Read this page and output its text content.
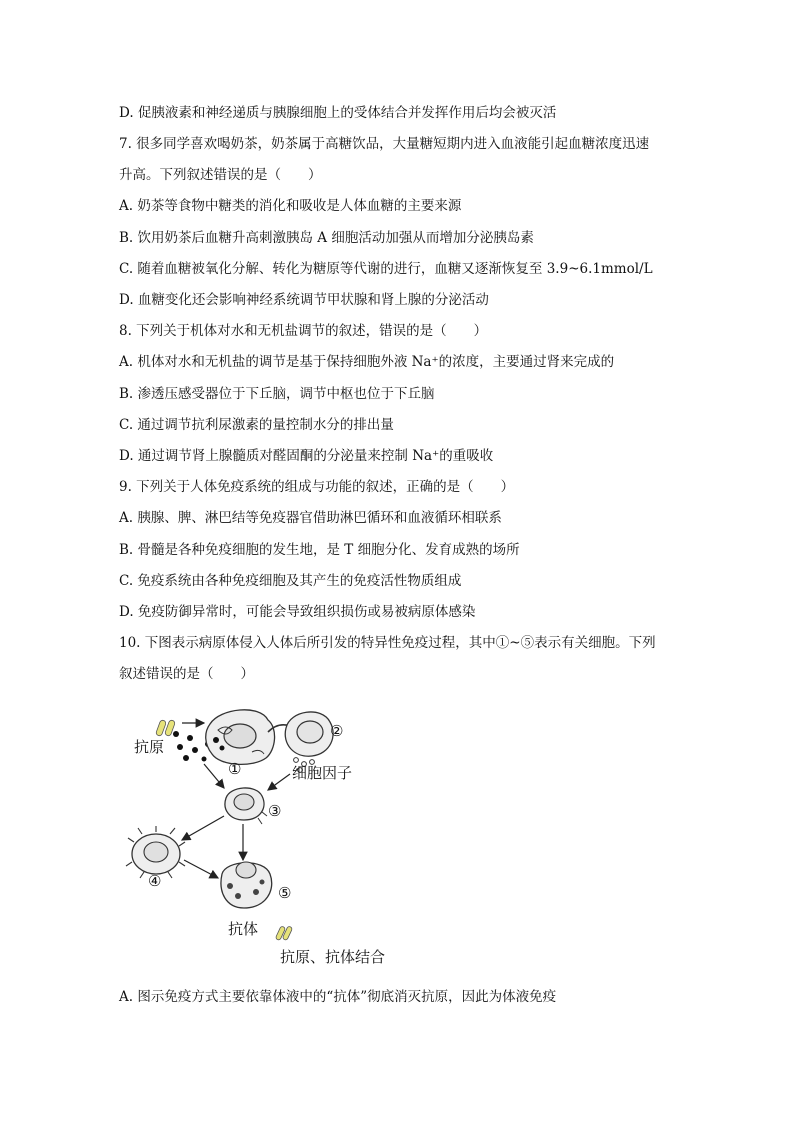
D. 促胰液素和神经递质与胰腺细胞上的受体结合并发挥作用后均会被灭活
7. 很多同学喜欢喝奶茶，奶茶属于高糖饮品，大量糖短期内进入血液能引起血糖浓度迅速
升高。下列叙述错误的是（　　）
A. 奶茶等食物中糖类的消化和吸收是人体血糖的主要来源
B. 饮用奶茶后血糖升高刺激胰岛 A 细胞活动加强从而增加分泌胰岛素
C. 随着血糖被氧化分解、转化为糖原等代谢的进行，血糖又逐渐恢复至 3.9~6.1mmol/L
D. 血糖变化还会影响神经系统调节甲状腺和肾上腺的分泌活动
8. 下列关于机体对水和无机盐调节的叙述，错误的是（　　）
A. 机体对水和无机盐的调节是基于保持细胞外液 Na⁺的浓度，主要通过肾来完成的
B. 渗透压感受器位于下丘脑，调节中枢也位于下丘脑
C. 通过调节抗利尿激素的量控制水分的排出量
D. 通过调节肾上腺髓质对醛固酮的分泌量来控制 Na⁺的重吸收
9. 下列关于人体免疫系统的组成与功能的叙述，正确的是（　　）
A. 胰腺、脾、淋巴结等免疫器官借助淋巴循环和血液循环相联系
B. 骨髓是各种免疫细胞的发生地，是 T 细胞分化、发育成熟的场所
C. 免疫系统由各种免疫细胞及其产生的免疫活性物质组成
D. 免疫防御异常时，可能会导致组织损伤或易被病原体感染
10. 下图表示病原体侵入人体后所引发的特异性免疫过程，其中①~⑤表示有关细胞。下列
叙述错误的是（　　）
抗原
①
②
细胞因子
③
④
⑤
抗体
抗原、抗体结合
A. 图示免疫方式主要依靠体液中的“抗体”彻底消灭抗原，因此为体液免疫
